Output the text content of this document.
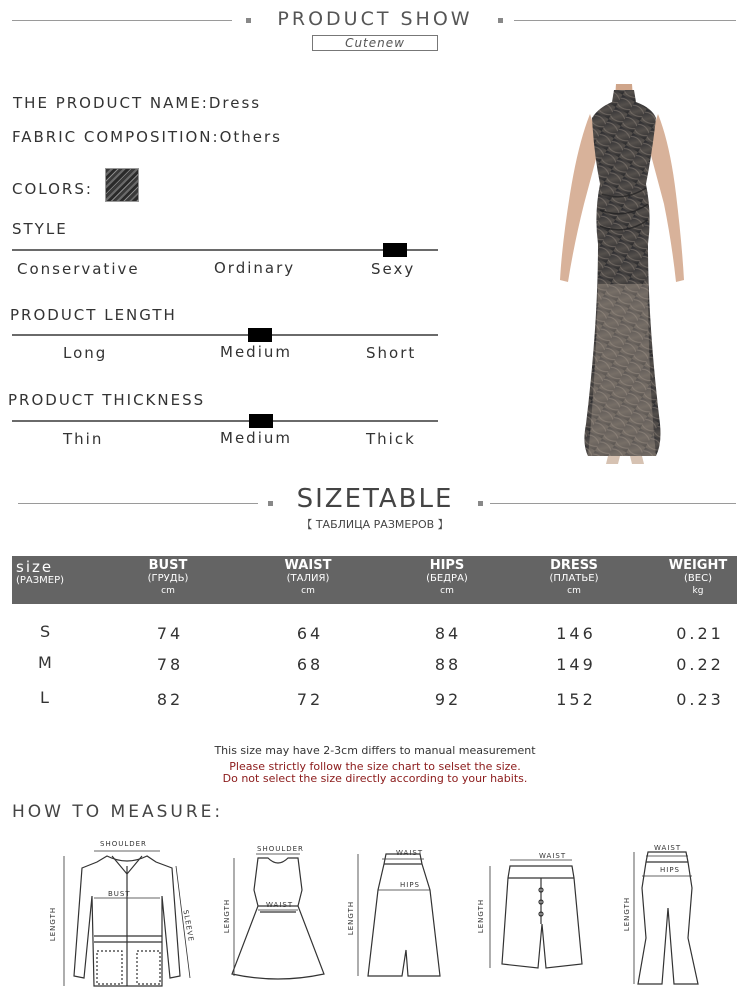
PRODUCT SHOW
Cutenew
THE PRODUCT NAME:Dress
FABRIC COMPOSITION:Others
COLORS:
STYLE
Conservative	Ordinary	Sexy
PRODUCT LENGTH
Long	Medium	Short
PRODUCT THICKNESS
Thin	Medium	Thick
SIZETABLE
【 ТАБЛИЦА РАЗМЕРОВ 】
size
(РАЗМЕР)
BUST
(ГРУДЬ)
cm
WAIST
(ТАЛИЯ)
cm
HIPS
(БЕДРА)
cm
DRESS
(ПЛАТЬЕ)
cm
WEIGHT
(ВЕС)
kg
S	74	64	84	146	0.21
M	78	68	88	149	0.22
L	82	72	92	152	0.23
This size may have 2-3cm differs to manual measurement
Please strictly follow the size chart to selset the size.
Do not select the size directly according to your habits.
HOW TO MEASURE:
SHOULDER
BUST
LENGTH	SLEEVE
SHOULDER
WAIST
LENGTH
WAIST
HIPS
LENGTH
WAIST
LENGTH
WAIST
HIPS
LENGTH
